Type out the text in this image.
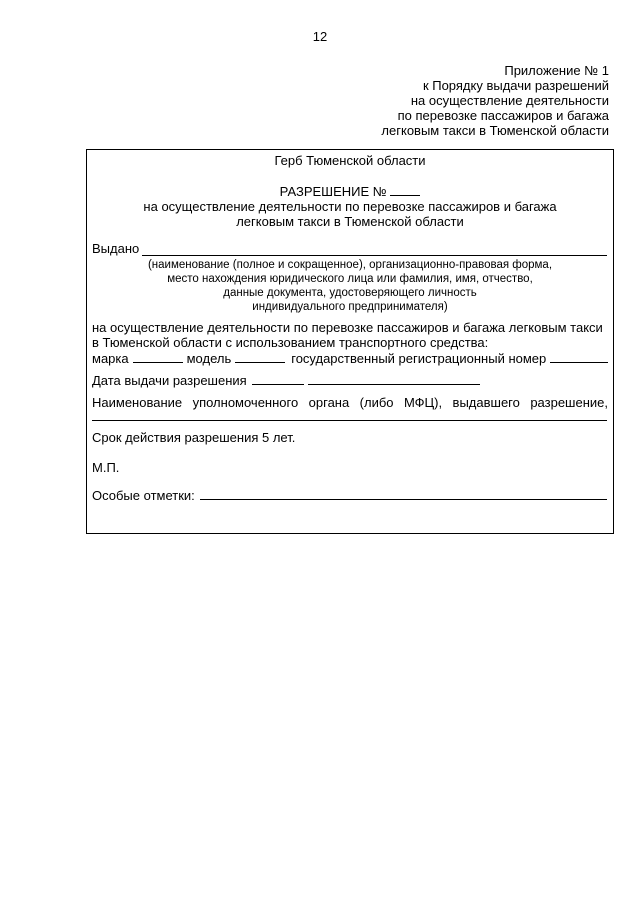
12
Приложение № 1
к Порядку выдачи разрешений
на осуществление деятельности
по перевозке пассажиров и багажа
легковым такси в Тюменской области
Герб Тюменской области
РАЗРЕШЕНИЕ №
на осуществление деятельности по перевозке пассажиров и багажа
легковым такси в Тюменской области
Выдано
(наименование (полное и сокращенное), организационно-правовая форма,
место нахождения юридического лица или фамилия, имя, отчество,
данные документа, удостоверяющего личность
индивидуального предпринимателя)
на осуществление деятельности по перевозке пассажиров и багажа легковым такси
в Тюменской области с использованием транспортного средства:
марка	модель	государственный регистрационный номер
Дата выдачи разрешения
Наименование уполномоченного органа (либо МФЦ), выдавшего разрешение,
Срок действия разрешения 5 лет.
М.П.
Особые отметки:
